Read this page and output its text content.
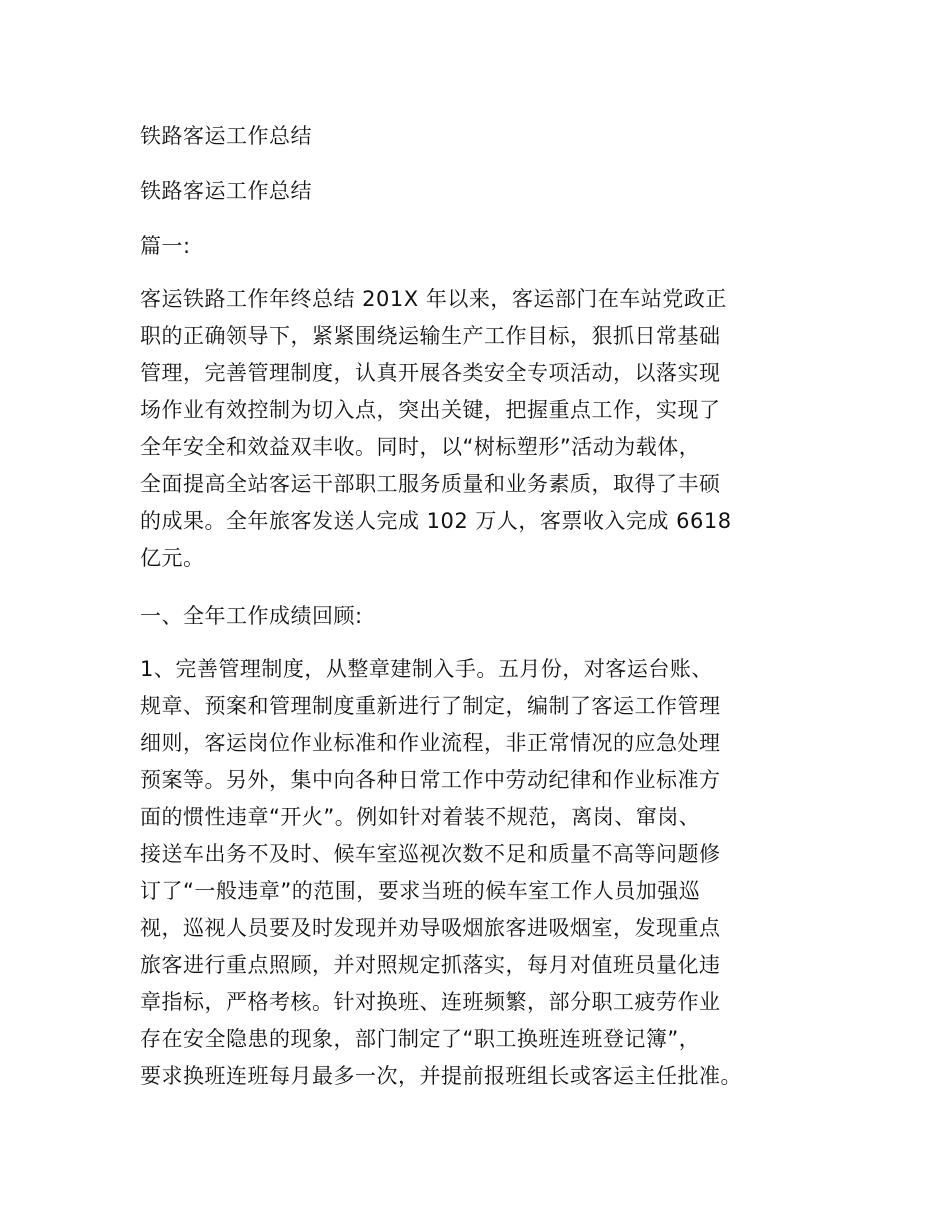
铁路客运工作总结

铁路客运工作总结

篇一:

客运铁路工作年终总结 201X 年以来，客运部门在车站党政正
职的正确领导下，紧紧围绕运输生产工作目标，狠抓日常基础
管理，完善管理制度，认真开展各类安全专项活动，以落实现
场作业有效控制为切入点，突出关键，把握重点工作，实现了
全年安全和效益双丰收。同时，以“树标塑形”活动为载体，
全面提高全站客运干部职工服务质量和业务素质，取得了丰硕
的成果。全年旅客发送人完成 102 万人，客票收入完成 6618
亿元。

一、全年工作成绩回顾:

1、完善管理制度，从整章建制入手。五月份，对客运台账、
规章、预案和管理制度重新进行了制定，编制了客运工作管理
细则，客运岗位作业标准和作业流程，非正常情况的应急处理
预案等。另外，集中向各种日常工作中劳动纪律和作业标准方
面的惯性违章“开火”。例如针对着装不规范，离岗、窜岗、
接送车出务不及时、候车室巡视次数不足和质量不高等问题修
订了“一般违章”的范围，要求当班的候车室工作人员加强巡
视，巡视人员要及时发现并劝导吸烟旅客进吸烟室，发现重点
旅客进行重点照顾，并对照规定抓落实，每月对值班员量化违
章指标，严格考核。针对换班、连班频繁，部分职工疲劳作业
存在安全隐患的现象，部门制定了“职工换班连班登记簿”，
要求换班连班每月最多一次，并提前报班组长或客运主任批准。
